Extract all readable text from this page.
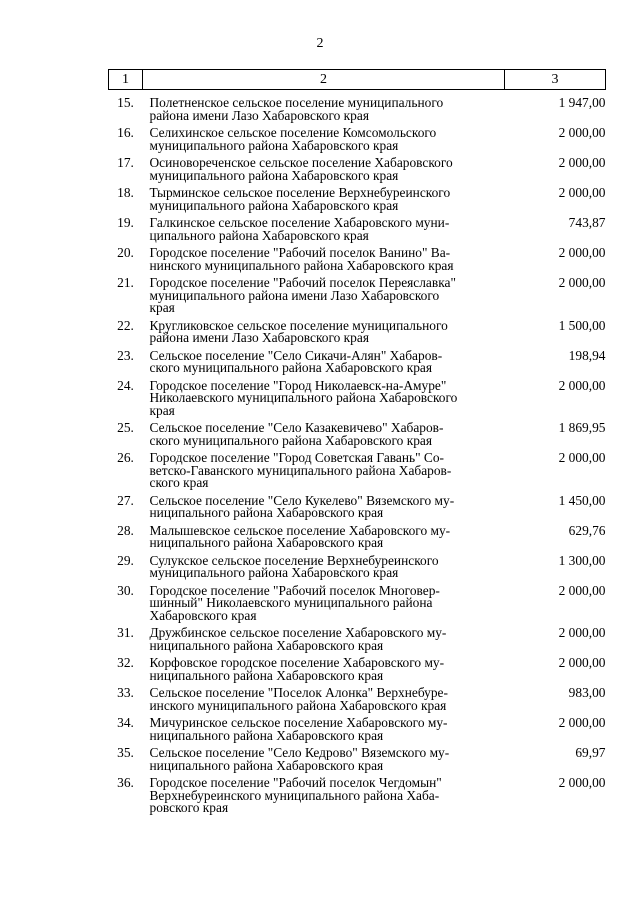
2
1	2	3
15.	Полетненское сельское поселение муниципального
района имени Лазо Хабаровского края	1 947,00
16.	Селихинское сельское поселение Комсомольского
муниципального района Хабаровского края	2 000,00
17.	Осиновореченское сельское поселение Хабаровского
муниципального района Хабаровского края	2 000,00
18.	Тырминское сельское поселение Верхнебуреинского
муниципального района Хабаровского края	2 000,00
19.	Галкинское сельское поселение Хабаровского муни-
ципального района Хабаровского края	743,87
20.	Городское поселение "Рабочий поселок Ванино" Ва-
нинского муниципального района Хабаровского края	2 000,00
21.	Городское поселение "Рабочий поселок Переяславка"
муниципального района имени Лазо Хабаровского
края	2 000,00
22.	Кругликовское сельское поселение муниципального
района имени Лазо Хабаровского края	1 500,00
23.	Сельское поселение "Село Сикачи-Алян" Хабаров-
ского муниципального района Хабаровского края	198,94
24.	Городское поселение "Город Николаевск-на-Амуре"
Николаевского муниципального района Хабаровского
края	2 000,00
25.	Сельское поселение "Село Казакевичево" Хабаров-
ского муниципального района Хабаровского края	1 869,95
26.	Городское поселение "Город Советская Гавань" Со-
ветско-Гаванского муниципального района Хабаров-
ского края	2 000,00
27.	Сельское поселение "Село Кукелево" Вяземского му-
ниципального района Хабаровского края	1 450,00
28.	Малышевское сельское поселение Хабаровского му-
ниципального района Хабаровского края	629,76
29.	Сулукское сельское поселение Верхнебуреинского
муниципального района Хабаровского края	1 300,00
30.	Городское поселение "Рабочий поселок Многовер-
шинный" Николаевского муниципального района
Хабаровского края	2 000,00
31.	Дружбинское сельское поселение Хабаровского му-
ниципального района Хабаровского края	2 000,00
32.	Корфовское городское поселение Хабаровского му-
ниципального района Хабаровского края	2 000,00
33.	Сельское поселение "Поселок Алонка" Верхнебуре-
инского муниципального района Хабаровского края	983,00
34.	Мичуринское сельское поселение Хабаровского му-
ниципального района Хабаровского края	2 000,00
35.	Сельское поселение "Село Кедрово" Вяземского му-
ниципального района Хабаровского края	69,97
36.	Городское поселение "Рабочий поселок Чегдомын"
Верхнебуреинского муниципального района Хаба-
ровского края	2 000,00
